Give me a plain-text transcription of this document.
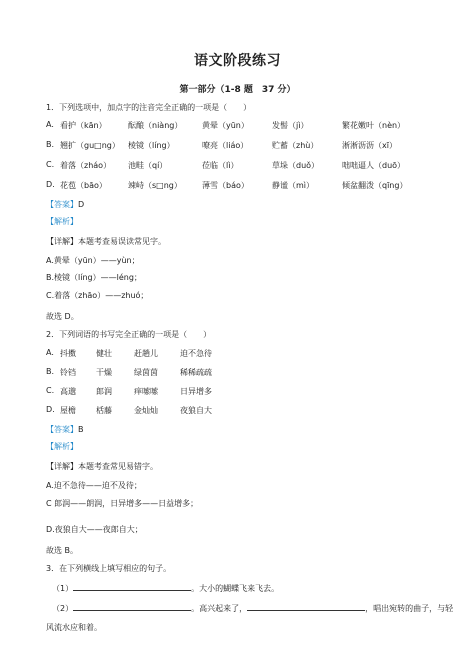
语文阶段练习
第一部分（1-8 题　37 分）
1．下列选项中，加点字的注音完全正确的一项是（　　）
A. 看护（kān）	酝酿（niàng） 黄晕（yūn）	发髻（jì）	繁花嫩叶（nèn）
B. 翘扩（gu□ng） 棱镜（líng）	嘹亮（liáo）	贮蓄（zhù）	淅淅沥沥（xī）
C. 着落（zháo） 池畦（qí）	莅临（lì）	草垛（duǒ）	咄咄逼人（duō）
D. 花苞（bāo）	竦峙（s□ng）	薄雪（báo）	静谧（mì）	倾盆翻泼（qīng）
【答案】D
【解析】
【详解】本题考查易误读常见字。
A.黄晕（yūn）——yùn；
B.棱镜（líng）——léng；
C.着落（zhāo）——zhuó；
故选 D。
2．下列词语的书写完全正确的一项是（　　）
A. 抖擞	健壮	赶趟儿	迫不急待
B. 铃铛	干燥	绿茵茵	稀稀疏疏
C. 高邈	郎润	痒嗦嗦	日异增多
D. 屋檐	栝藤	金灿灿	夜狼自大
【答案】B
【解析】
【详解】本题考查常见易错字。
A.迫不急待——迫不及待；
C 郎润——朗润，日异增多——日益增多；
D.夜狼自大——夜郎自大；
故选 B。
3．在下列横线上填写相应的句子。
（1）	。大小的蝴蝶飞来飞去。
（2）	。高兴起来了，	，唱出宛转的曲子，与轻
风流水应和着。
